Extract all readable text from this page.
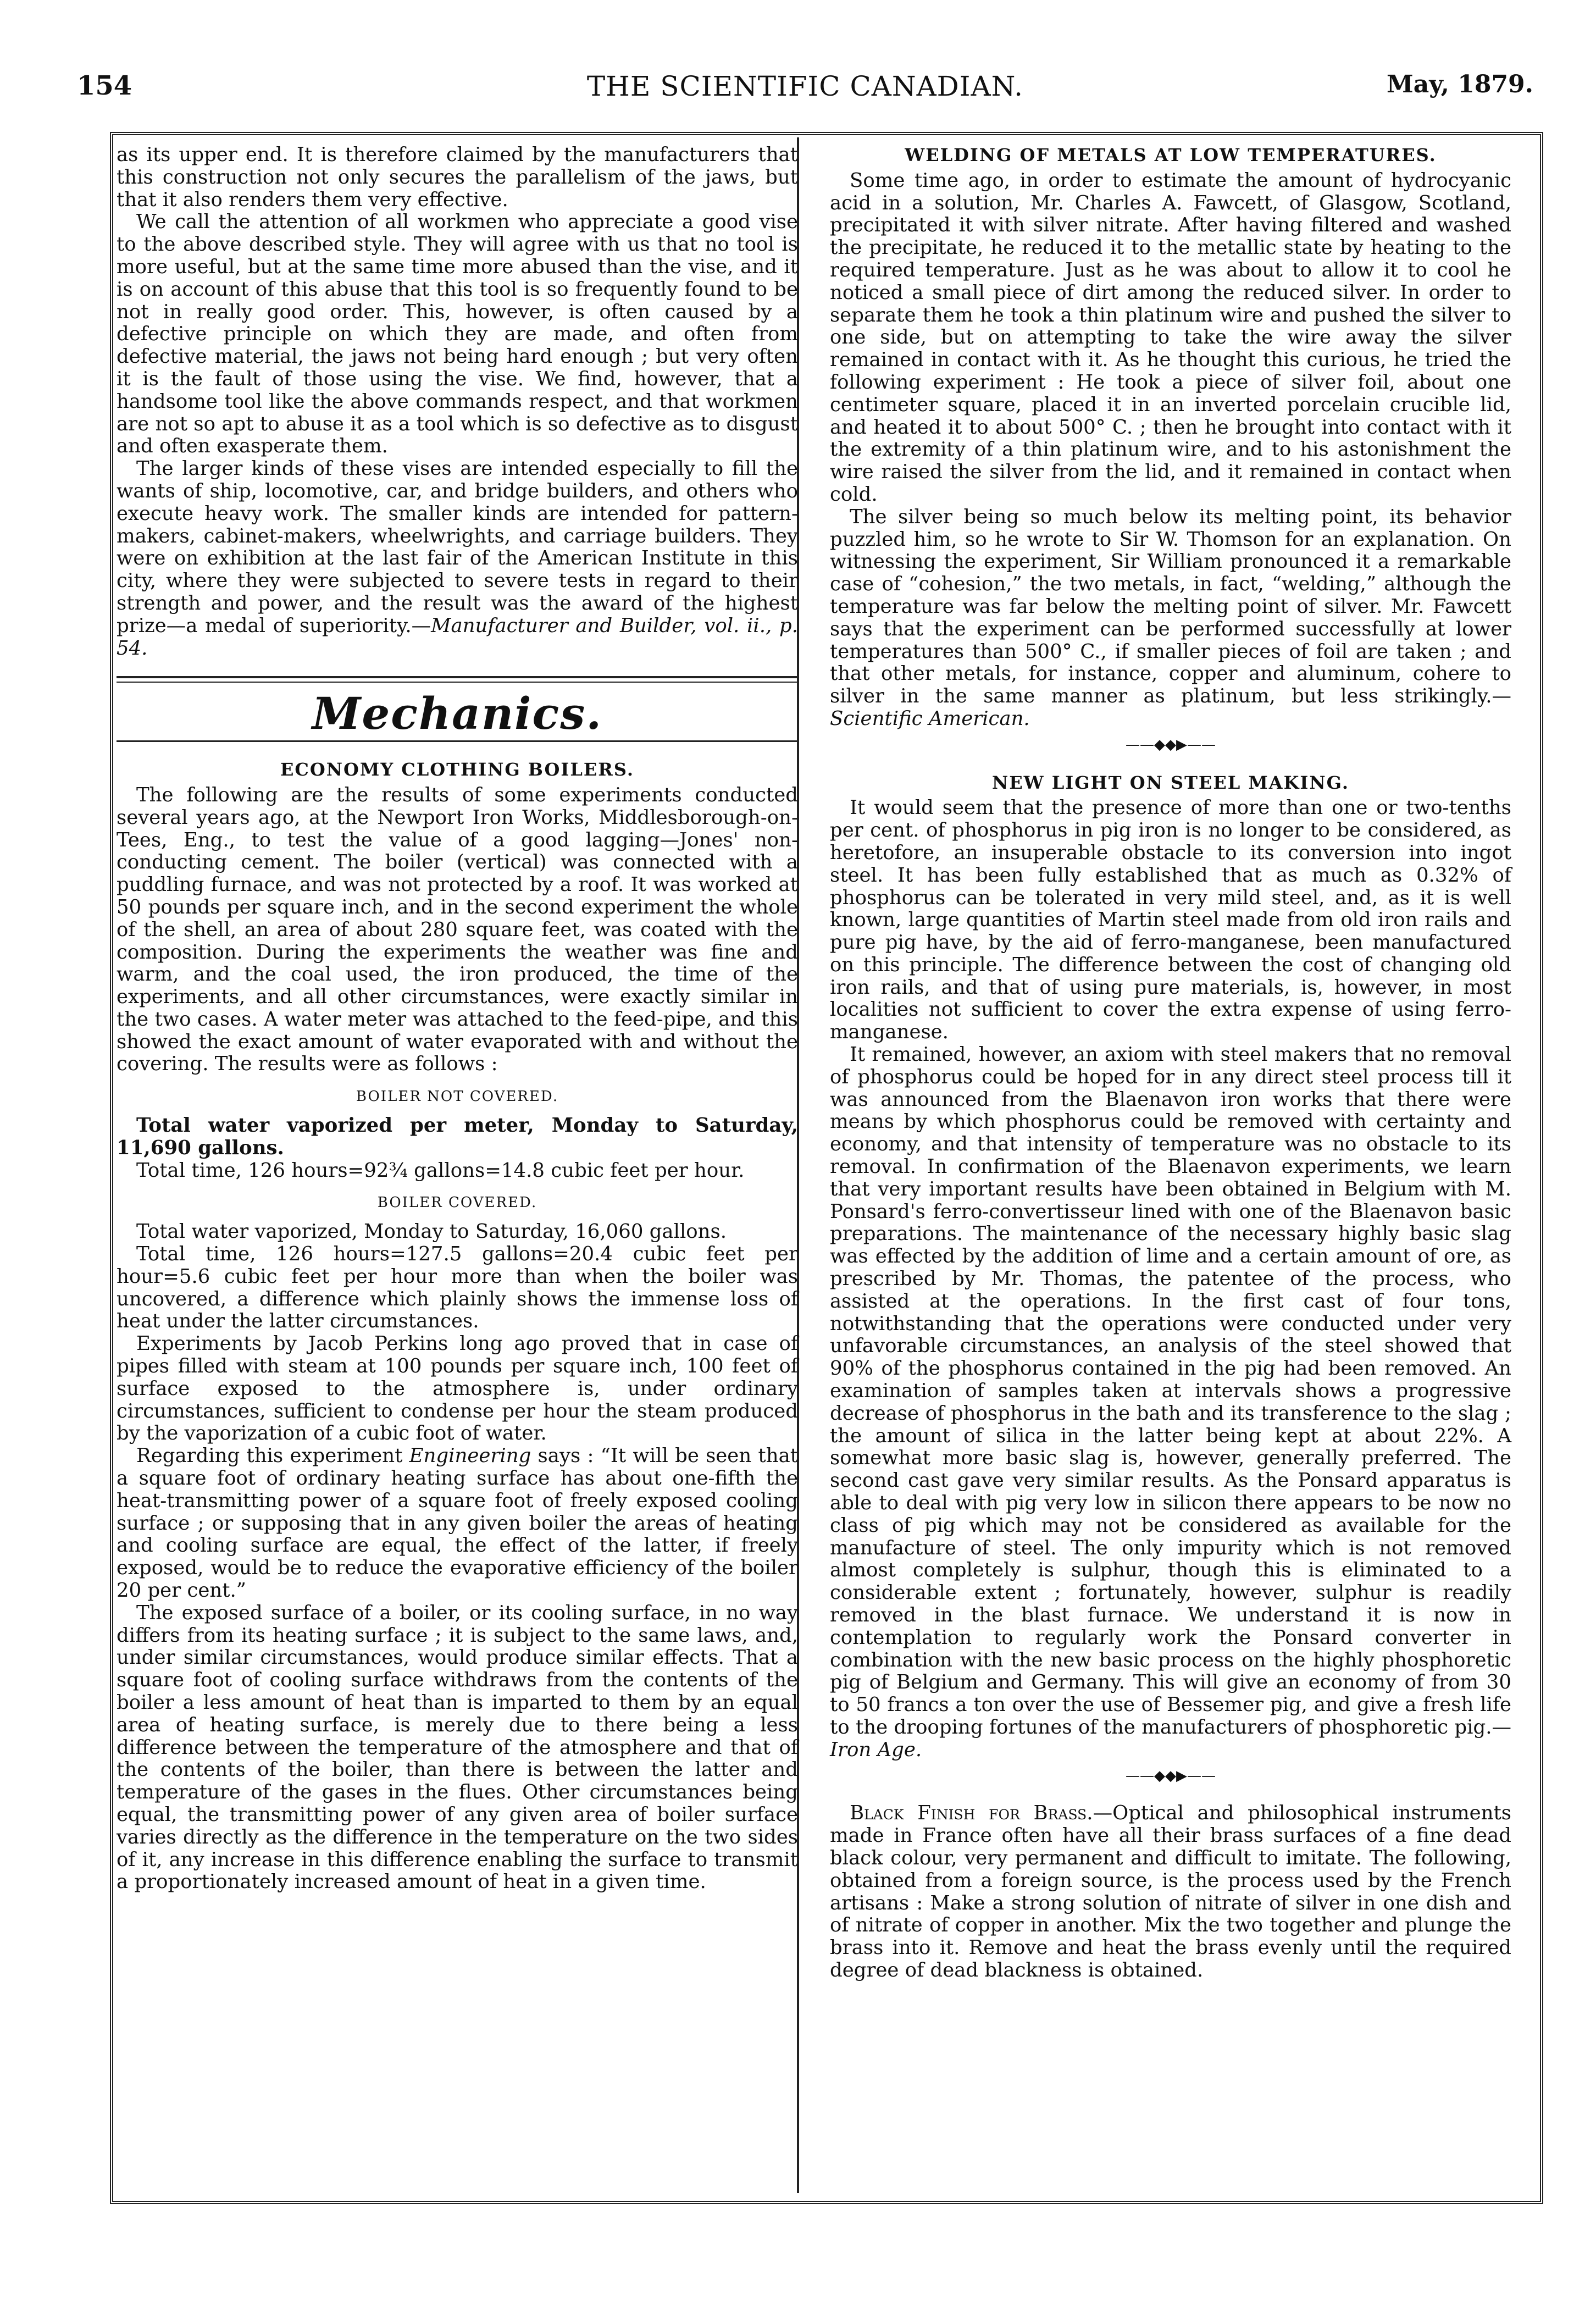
154	THE SCIENTIFIC CANADIAN.	May, 1879.

as its upper end. It is therefore claimed by the manufacturers that this construction not only secures the parallelism of the jaws, but that it also renders them very effective.

We call the attention of all workmen who appreciate a good vise to the above described style. They will agree with us that no tool is more useful, but at the same time more abused than the vise, and it is on account of this abuse that this tool is so frequently found to be not in really good order. This, however, is often caused by a defective principle on which they are made, and often from defective material, the jaws not being hard enough ; but very often it is the fault of those using the vise. We find, however, that a handsome tool like the above commands respect, and that workmen are not so apt to abuse it as a tool which is so defective as to disgust and often exasperate them.

The larger kinds of these vises are intended especially to fill the wants of ship, locomotive, car, and bridge builders, and others who execute heavy work. The smaller kinds are intended for pattern-makers, cabinet-makers, wheelwrights, and carriage builders. They were on exhibition at the last fair of the American Institute in this city, where they were subjected to severe tests in regard to their strength and power, and the result was the award of the highest prize—a medal of superiority.—Manufacturer and Builder, vol. ii., p. 54.

Mechanics.
ECONOMY CLOTHING BOILERS.

The following are the results of some experiments conducted several years ago, at the Newport Iron Works, Middlesborough-on-Tees, Eng., to test the value of a good lagging—Jones' non-conducting cement. The boiler (vertical) was connected with a puddling furnace, and was not protected by a roof. It was worked at 50 pounds per square inch, and in the second experiment the whole of the shell, an area of about 280 square feet, was coated with the composition. During the experiments the weather was fine and warm, and the coal used, the iron produced, the time of the experiments, and all other circumstances, were exactly similar in the two cases. A water meter was attached to the feed-pipe, and this showed the exact amount of water evaporated with and without the covering. The results were as follows :

BOILER NOT COVERED.

Total water vaporized per meter, Monday to Saturday, 11,690 gallons.

Total time, 126 hours=92¾ gallons=14.8 cubic feet per hour.

BOILER COVERED.

Total water vaporized, Monday to Saturday, 16,060 gallons.

Total time, 126 hours=127.5 gallons=20.4 cubic feet per hour=5.6 cubic feet per hour more than when the boiler was uncovered, a difference which plainly shows the immense loss of heat under the latter circumstances.

Experiments by Jacob Perkins long ago proved that in case of pipes filled with steam at 100 pounds per square inch, 100 feet of surface exposed to the atmosphere is, under ordinary circumstances, sufficient to condense per hour the steam produced by the vaporization of a cubic foot of water.

Regarding this experiment Engineering says : “It will be seen that a square foot of ordinary heating surface has about one-fifth the heat-transmitting power of a square foot of freely exposed cooling surface ; or supposing that in any given boiler the areas of heating and cooling surface are equal, the effect of the latter, if freely exposed, would be to reduce the evaporative efficiency of the boiler 20 per cent.”

The exposed surface of a boiler, or its cooling surface, in no way differs from its heating surface ; it is subject to the same laws, and, under similar circumstances, would produce similar effects. That a square foot of cooling surface withdraws from the contents of the boiler a less amount of heat than is imparted to them by an equal area of heating surface, is merely due to there being a less difference between the temperature of the atmosphere and that of the contents of the boiler, than there is between the latter and temperature of the gases in the flues. Other circumstances being equal, the transmitting power of any given area of boiler surface varies directly as the difference in the temperature on the two sides of it, any increase in this difference enabling the surface to transmit a proportionately increased amount of heat in a given time.

WELDING OF METALS AT LOW TEMPERATURES.

Some time ago, in order to estimate the amount of hydrocyanic acid in a solution, Mr. Charles A. Fawcett, of Glasgow, Scotland, precipitated it with silver nitrate. After having filtered and washed the precipitate, he reduced it to the metallic state by heating to the required temperature. Just as he was about to allow it to cool he noticed a small piece of dirt among the reduced silver. In order to separate them he took a thin platinum wire and pushed the silver to one side, but on attempting to take the wire away the silver remained in contact with it. As he thought this curious, he tried the following experiment : He took a piece of silver foil, about one centimeter square, placed it in an inverted porcelain crucible lid, and heated it to about 500° C. ; then he brought into contact with it the extremity of a thin platinum wire, and to his astonishment the wire raised the silver from the lid, and it remained in contact when cold.

The silver being so much below its melting point, its behavior puzzled him, so he wrote to Sir W. Thomson for an explanation. On witnessing the experiment, Sir William pronounced it a remarkable case of “cohesion,” the two metals, in fact, “welding,” although the temperature was far below the melting point of silver. Mr. Fawcett says that the experiment can be performed successfully at lower temperatures than 500° C., if smaller pieces of foil are taken ; and that other metals, for instance, copper and aluminum, cohere to silver in the same manner as platinum, but less strikingly.—Scientific American.

——◆◆▶——
NEW LIGHT ON STEEL MAKING.

It would seem that the presence of more than one or two-tenths per cent. of phosphorus in pig iron is no longer to be considered, as heretofore, an insuperable obstacle to its conversion into ingot steel. It has been fully established that as much as 0.32% of phosphorus can be tolerated in very mild steel, and, as it is well known, large quantities of Martin steel made from old iron rails and pure pig have, by the aid of ferro-manganese, been manufactured on this principle. The difference between the cost of changing old iron rails, and that of using pure materials, is, however, in most localities not sufficient to cover the extra expense of using ferro-manganese.

It remained, however, an axiom with steel makers that no removal of phosphorus could be hoped for in any direct steel process till it was announced from the Blaenavon iron works that there were means by which phosphorus could be removed with certainty and economy, and that intensity of temperature was no obstacle to its removal. In confirmation of the Blaenavon experiments, we learn that very important results have been obtained in Belgium with M. Ponsard's ferro-convertisseur lined with one of the Blaenavon basic preparations. The maintenance of the necessary highly basic slag was effected by the addition of lime and a certain amount of ore, as prescribed by Mr. Thomas, the patentee of the process, who assisted at the operations. In the first cast of four tons, notwithstanding that the operations were conducted under very unfavorable circumstances, an analysis of the steel showed that 90% of the phosphorus contained in the pig had been removed. An examination of samples taken at intervals shows a progressive decrease of phosphorus in the bath and its transference to the slag ; the amount of silica in the latter being kept at about 22%. A somewhat more basic slag is, however, generally preferred. The second cast gave very similar results. As the Ponsard apparatus is able to deal with pig very low in silicon there appears to be now no class of pig which may not be considered as available for the manufacture of steel. The only impurity which is not removed almost completely is sulphur, though this is eliminated to a considerable extent ; fortunately, however, sulphur is readily removed in the blast furnace. We understand it is now in contemplation to regularly work the Ponsard converter in combination with the new basic process on the highly phosphoretic pig of Belgium and Germany. This will give an economy of from 30 to 50 francs a ton over the use of Bessemer pig, and give a fresh life to the drooping fortunes of the manufacturers of phosphoretic pig.—Iron Age.

——◆◆▶——

Black Finish for Brass.—Optical and philosophical instruments made in France often have all their brass surfaces of a fine dead black colour, very permanent and difficult to imitate. The following, obtained from a foreign source, is the process used by the French artisans : Make a strong solution of nitrate of silver in one dish and of nitrate of copper in another. Mix the two together and plunge the brass into it. Remove and heat the brass evenly until the required degree of dead blackness is obtained.
